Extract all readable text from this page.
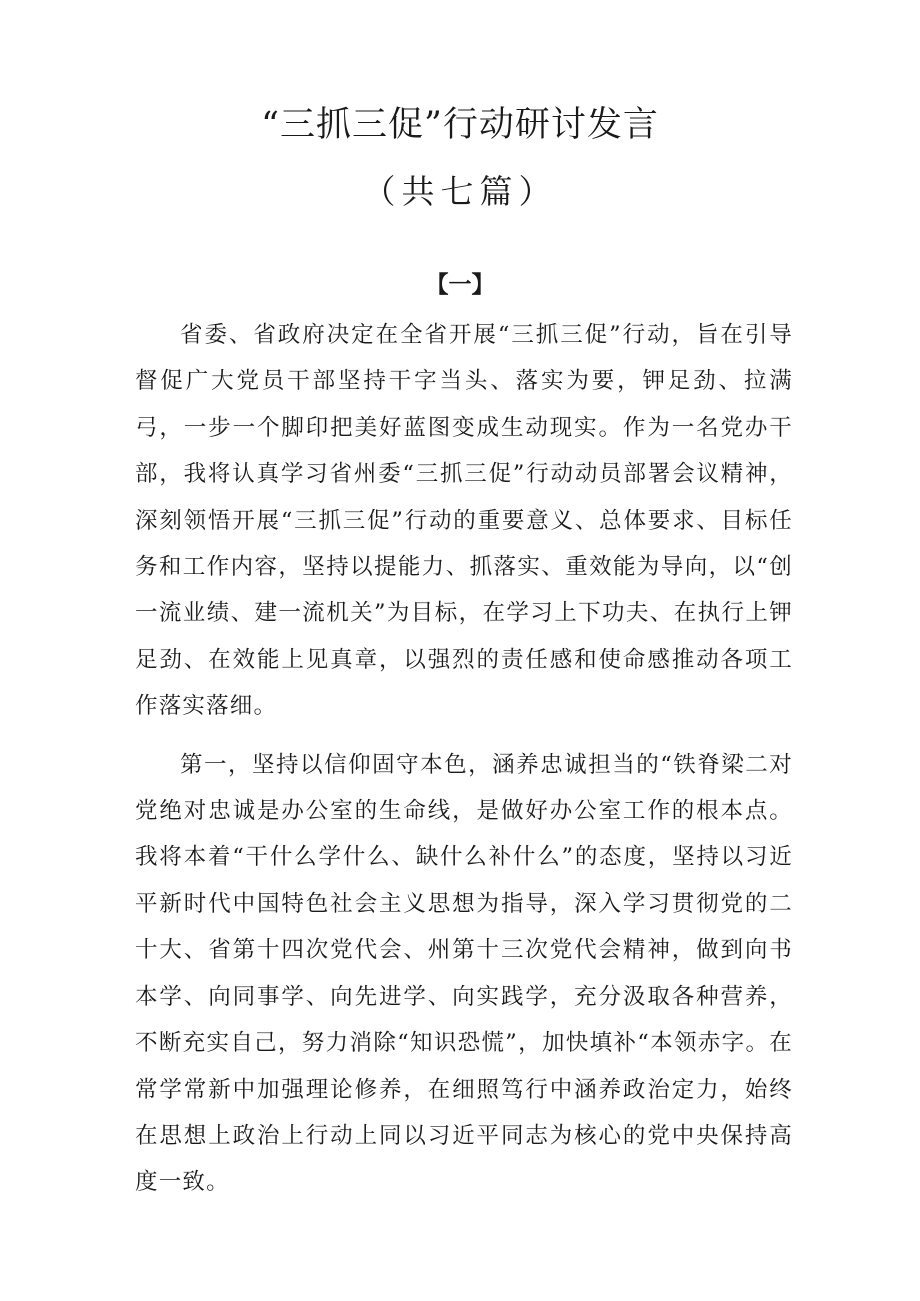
“三抓三促”行动研讨发言
（共七篇）
【一】

省委、省政府决定在全省开展“三抓三促”行动，旨在引导督促广大党员干部坚持干字当头、落实为要，钾足劲、拉满弓，一步一个脚印把美好蓝图变成生动现实。作为一名党办干部，我将认真学习省州委“三抓三促”行动动员部署会议精神，深刻领悟开展“三抓三促”行动的重要意义、总体要求、目标任务和工作内容，坚持以提能力、抓落实、重效能为导向，以“创一流业绩、建一流机关”为目标，在学习上下功夫、在执行上钾足劲、在效能上见真章，以强烈的责任感和使命感推动各项工作落实落细。

第一，坚持以信仰固守本色，涵养忠诚担当的“铁脊梁二对党绝对忠诚是办公室的生命线，是做好办公室工作的根本点。我将本着“干什么学什么、缺什么补什么”的态度，坚持以习近平新时代中国特色社会主义思想为指导，深入学习贯彻党的二十大、省第十四次党代会、州第十三次党代会精神，做到向书本学、向同事学、向先进学、向实践学，充分汲取各种营养，不断充实自己，努力消除“知识恐慌”，加快填补“本领赤字。在常学常新中加强理论修养，在细照笃行中涵养政治定力，始终在思想上政治上行动上同以习近平同志为核心的党中央保持高度一致。
